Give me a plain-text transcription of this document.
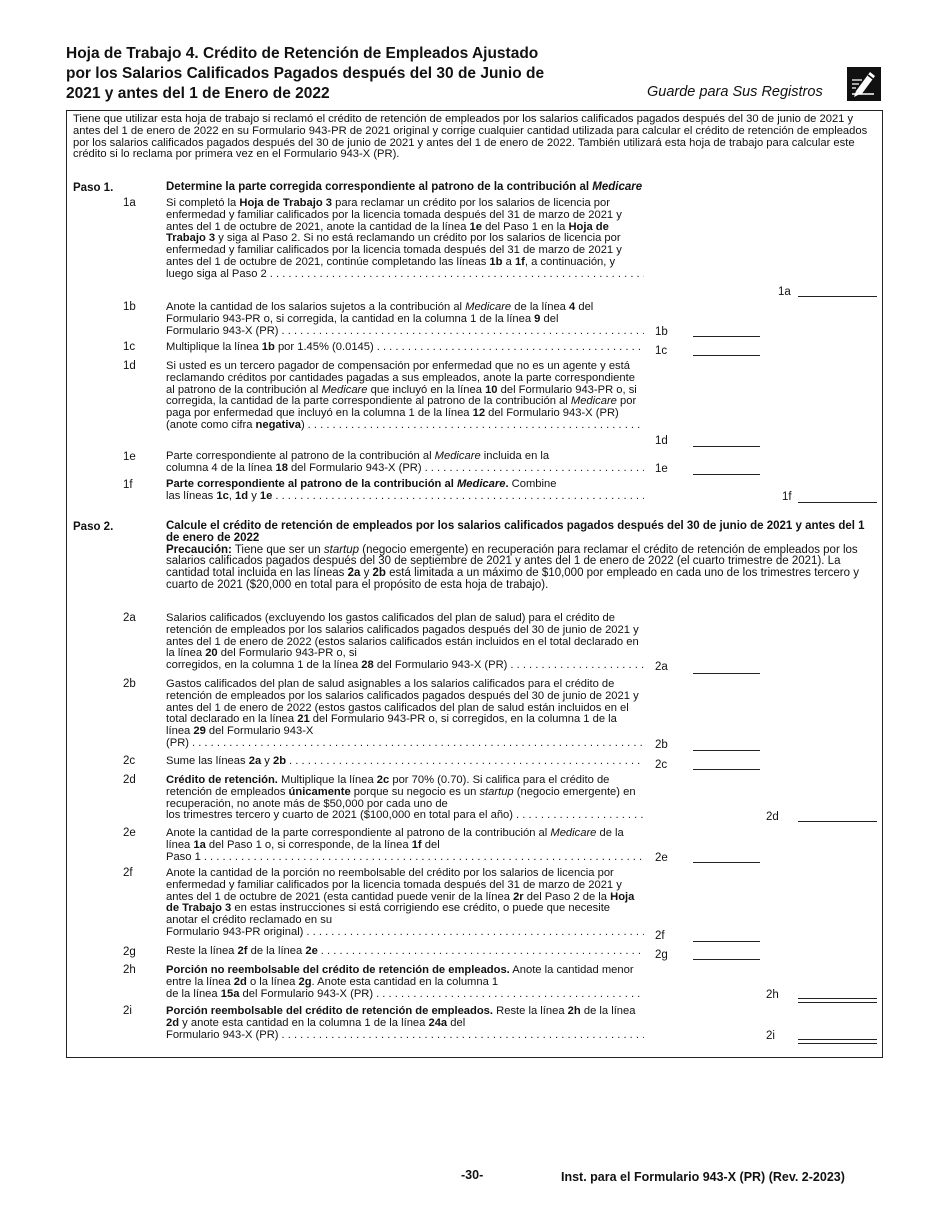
Hoja de Trabajo 4. Crédito de Retención de Empleados Ajustado
por los Salarios Calificados Pagados después del 30 de Junio de
2021 y antes del 1 de Enero de 2022	Guarde para Sus Registros
Tiene que utilizar esta hoja de trabajo si reclamó el crédito de retención de empleados por los salarios calificados pagados después del 30 de junio de 2021 y antes del 1 de enero de 2022 en su Formulario 943-PR de 2021 original y corrige cualquier cantidad utilizada para calcular el crédito de retención de empleados por los salarios calificados pagados después del 30 de junio de 2021 y antes del 1 de enero de 2022. También utilizará esta hoja de trabajo para calcular este crédito si lo reclama por primera vez en el Formulario 943-X (PR).
Paso 1.	Determine la parte corregida correspondiente al patrono de la contribución al Medicare
1a	Si completó la Hoja de Trabajo 3 para reclamar un crédito por los salarios de licencia por enfermedad y familiar calificados por la licencia tomada después del 31 de marzo de 2021 y antes del 1 de octubre de 2021, anote la cantidad de la línea 1e del Paso 1 en la Hoja de Trabajo 3 y siga al Paso 2. Si no está reclamando un crédito por los salarios de licencia por enfermedad y familiar calificados por la licencia tomada después del 31 de marzo de 2021 y antes del 1 de octubre de 2021, continúe completando las líneas 1b a 1f, a continuación, y
luego siga al Paso 2
. . .
1a
1b	Anote la cantidad de los salarios sujetos a la contribución al Medicare de la línea 4 del Formulario 943-PR o, si corregida, la cantidad en la columna 1 de la línea 9 del
Formulario 943-X (PR) . . .	1b
1c	Multiplique la línea 1b por 1.45% (0.0145) . . .	1c
1d	Si usted es un tercero pagador de compensación por enfermedad que no es un agente y está reclamando créditos por cantidades pagadas a sus empleados, anote la parte correspondiente al patrono de la contribución al Medicare que incluyó en la línea 10 del Formulario 943-PR o, si corregida, la cantidad de la parte correspondiente al patrono de la contribución al Medicare por paga por enfermedad que incluyó en la columna 1 de la línea 12 del Formulario 943-X (PR)
(anote como cifra negativa)
. . .
1d
1e	Parte correspondiente al patrono de la contribución al Medicare incluida en la
columna 4 de la línea 18 del Formulario 943-X (PR) . . .	1e
1f	Parte correspondiente al patrono de la contribución al Medicare. Combine
las líneas 1c, 1d y 1e . . .	1f
Paso 2.	Calcule el crédito de retención de empleados por los salarios calificados pagados después del 30 de junio de 2021 y antes del 1 de enero de 2022
Precaución: Tiene que ser un startup (negocio emergente) en recuperación para reclamar el crédito de retención de empleados por los salarios calificados pagados después del 30 de septiembre de 2021 y antes del 1 de enero de 2022 (el cuarto trimestre de 2021). La cantidad total incluida en las líneas 2a y 2b está limitada a un máximo de $10,000 por empleado en cada uno de los trimestres tercero y cuarto de 2021 ($20,000 en total para el propósito de esta hoja de trabajo).
2a	Salarios calificados (excluyendo los gastos calificados del plan de salud) para el crédito de retención de empleados por los salarios calificados pagados después del 30 de junio de 2021 y antes del 1 de enero de 2022 (estos salarios calificados están incluidos en el total declarado en la línea 20 del Formulario 943-PR o, si
corregidos, en la columna 1 de la línea 28 del Formulario 943-X (PR) . . .	2a
2b	Gastos calificados del plan de salud asignables a los salarios calificados para el crédito de retención de empleados por los salarios calificados pagados después del 30 de junio de 2021 y antes del 1 de enero de 2022 (estos gastos calificados del plan de salud están incluidos en el total declarado en la línea 21 del Formulario 943-PR o, si corregidos, en la columna 1 de la línea 29 del Formulario 943-X
(PR) . . .	2b
2c	Sume las líneas 2a y 2b . . .	2c
2d	Crédito de retención. Multiplique la línea 2c por 70% (0.70). Si califica para el crédito de retención de empleados únicamente porque su negocio es un startup (negocio emergente) en recuperación, no anote más de $50,000 por cada uno de
los trimestres tercero y cuarto de 2021 ($100,000 en total para el año) . . .	2d
2e	Anote la cantidad de la parte correspondiente al patrono de la contribución al Medicare de la línea 1a del Paso 1 o, si corresponde, de la línea 1f del
Paso 1 . . .	2e
2f	Anote la cantidad de la porción no reembolsable del crédito por los salarios de licencia por enfermedad y familiar calificados por la licencia tomada después del 31 de marzo de 2021 y antes del 1 de octubre de 2021 (esta cantidad puede venir de la línea 2r del Paso 2 de la Hoja de Trabajo 3 en estas instrucciones si está corrigiendo ese crédito, o puede que necesite anotar el crédito reclamado en su
Formulario 943-PR original) . . .	2f
2g	Reste la línea 2f de la línea 2e . . .	2g
2h	Porción no reembolsable del crédito de retención de empleados. Anote la cantidad menor entre la línea 2d o la línea 2g. Anote esta cantidad en la columna 1
de la línea 15a del Formulario 943-X (PR) . . .	2h
2i	Porción reembolsable del crédito de retención de empleados. Reste la línea 2h de la línea 2d y anote esta cantidad en la columna 1 de la línea 24a del
Formulario 943-X (PR) . . .	2i
-30-	Inst. para el Formulario 943-X (PR) (Rev. 2-2023)
